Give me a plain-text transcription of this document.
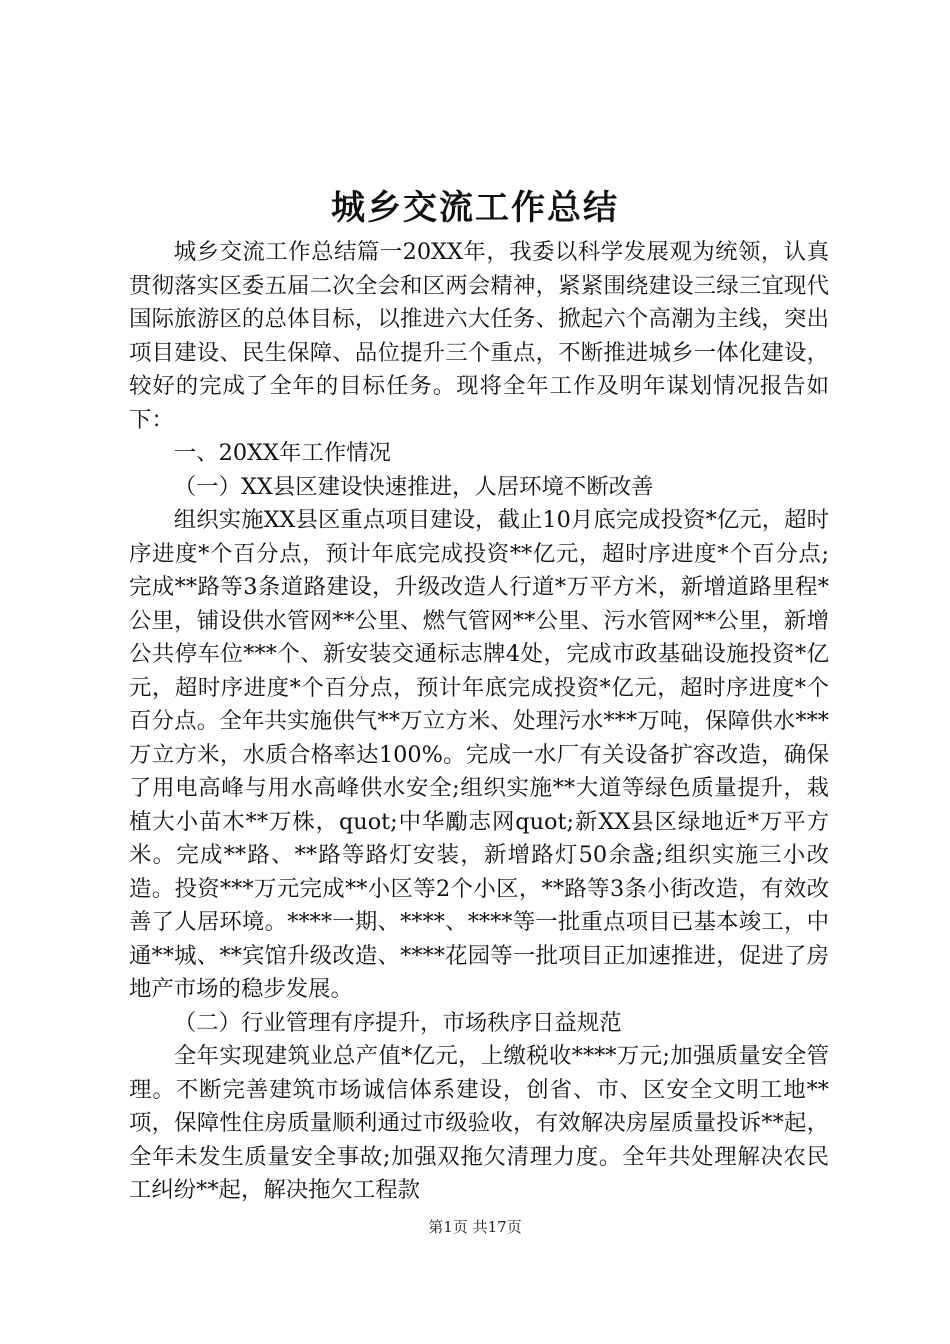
城乡交流工作总结

城乡交流工作总结篇一20XX年，我委以科学发展观为统领，认真贯彻落实区委五届二次全会和区两会精神，紧紧围绕建设三绿三宜现代国际旅游区的总体目标，以推进六大任务、掀起六个高潮为主线，突出项目建设、民生保障、品位提升三个重点，不断推进城乡一体化建设，较好的完成了全年的目标任务。现将全年工作及明年谋划情况报告如下：

一、20XX年工作情况

（一）XX县区建设快速推进，人居环境不断改善

组织实施XX县区重点项目建设，截止10月底完成投资*亿元，超时序进度*个百分点，预计年底完成投资**亿元，超时序进度*个百分点;完成**路等3条道路建设，升级改造人行道*万平方米，新增道路里程*公里，铺设供水管网**公里、燃气管网**公里、污水管网**公里，新增公共停车位***个、新安装交通标志牌4处，完成市政基础设施投资*亿元，超时序进度*个百分点，预计年底完成投资*亿元，超时序进度*个百分点。全年共实施供气**万立方米、处理污水***万吨，保障供水***万立方米，水质合格率达100%。完成一水厂有关设备扩容改造，确保了用电高峰与用水高峰供水安全;组织实施**大道等绿色质量提升，栽植大小苗木**万株，quot;中华勵志网quot;新XX县区绿地近*万平方米。完成**路、**路等路灯安装，新增路灯50余盏;组织实施三小改造。投资***万元完成**小区等2个小区，**路等3条小街改造，有效改善了人居环境。****一期、****、****等一批重点项目已基本竣工，中通**城、**宾馆升级改造、****花园等一批项目正加速推进，促进了房地产市场的稳步发展。

（二）行业管理有序提升，市场秩序日益规范

全年实现建筑业总产值*亿元，上缴税收****万元;加强质量安全管理。不断完善建筑市场诚信体系建设，创省、市、区安全文明工地**项，保障性住房质量顺利通过市级验收，有效解决房屋质量投诉**起，全年未发生质量安全事故;加强双拖欠清理力度。全年共处理解决农民工纠纷**起，解决拖欠工程款

第1页 共17页
